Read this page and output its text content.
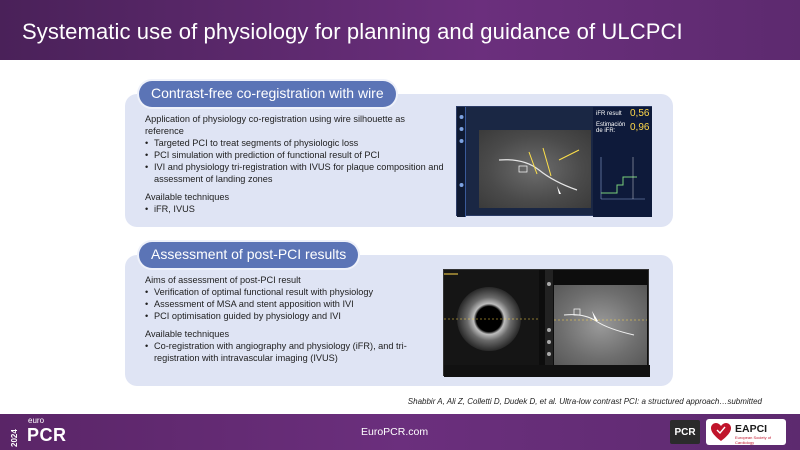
Systematic use of physiology for planning and guidance of ULCPCI
Contrast-free co-registration with wire

Application of physiology co-registration using wire silhouette as reference

• Targeted PCI to treat segments of physiologic loss
• PCI simulation with prediction of functional result of PCI
• IVI and physiology tri-registration with IVUS for plaque composition and assessment of landing zones

Available techniques

• iFR, IVUS
iFR result 0,56
Estimación de iFR:	0,96
Assessment of post-PCI results

Aims of assessment of post-PCI result

• Verification of optimal functional result with physiology
• Assessment of MSA and stent apposition with IVI
• PCI optimisation guided by physiology and IVI

Available techniques

• Co-registration with angiography and physiology (iFR), and tri-registration with intravascular imaging (IVUS)
Shabbir A, Ali Z, Colletti D, Dudek D, et al. Ultra-low contrast PCI: a structured approach…submitted
2024
euro
PCR	EuroPCR.com	PCR	EAPCI
European Society of Cardiology
